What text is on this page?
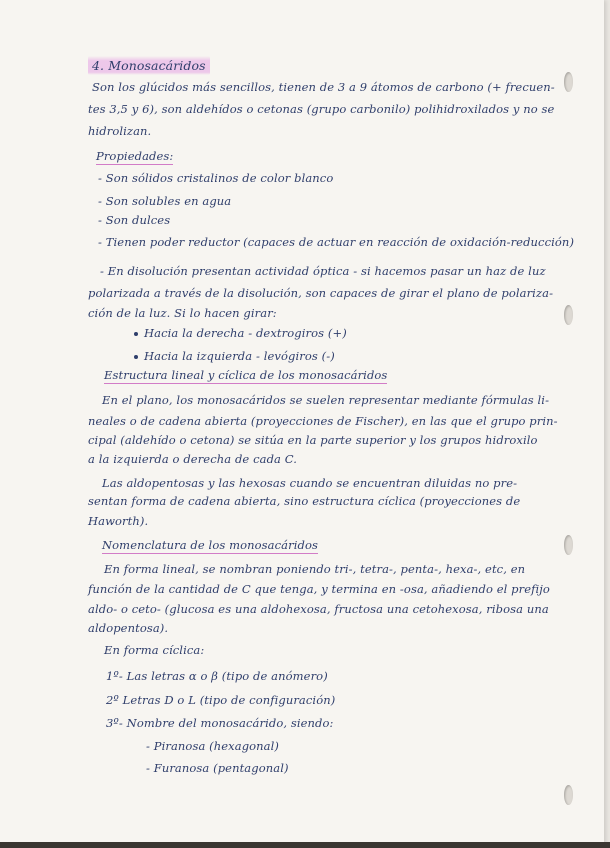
4. Monosacáridos
Son los glúcidos más sencillos, tienen de 3 a 9 átomos de carbono (+ frecuen-
tes 3,5 y 6), son aldehídos o cetonas (grupo carbonilo) polihidroxilados y no se
hidrolizan.
Propiedades:
- Son sólidos cristalinos de color blanco
- Son solubles en agua
- Son dulces
- Tienen poder reductor (capaces de actuar en reacción de oxidación-reducción)
- En disolución presentan actividad óptica - si hacemos pasar un haz de luz
polarizada a través de la disolución, son capaces de girar el plano de polariza-
ción de la luz. Si lo hacen girar:
Hacia la derecha - dextrogiros (+)
Hacia la izquierda - levógiros (-)
Estructura lineal y cíclica de los monosacáridos
En el plano, los monosacáridos se suelen representar mediante fórmulas li-
neales o de cadena abierta (proyecciones de Fischer), en las que el grupo prin-
cipal (aldehído o cetona) se sitúa en la parte superior y los grupos hidroxilo
a la izquierda o derecha de cada C.
Las aldopentosas y las hexosas cuando se encuentran diluidas no pre-
sentan forma de cadena abierta, sino estructura cíclica (proyecciones de
Haworth).
Nomenclatura de los monosacáridos
En forma lineal, se nombran poniendo tri-, tetra-, penta-, hexa-, etc, en
función de la cantidad de C que tenga, y termina en -osa, añadiendo el prefijo
aldo- o ceto- (glucosa es una aldohexosa, fructosa una cetohexosa, ribosa una
aldopentosa).
En forma cíclica:
1º- Las letras α o β (tipo de anómero)
2º Letras D o L (tipo de configuración)
3º- Nombre del monosacárido, siendo:
- Piranosa (hexagonal)
- Furanosa (pentagonal)
